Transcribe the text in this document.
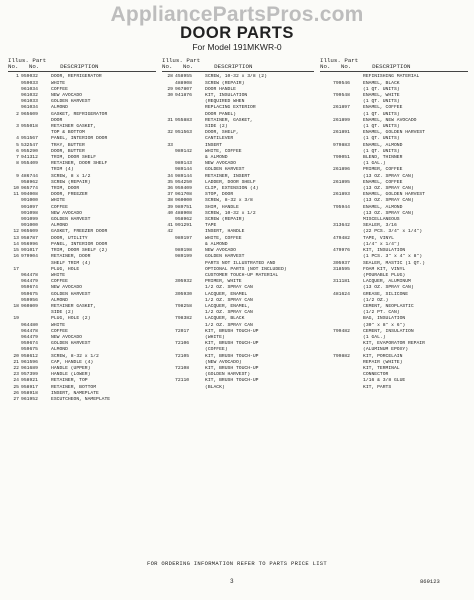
AppliancePartsPros.com
DOOR PARTS
For Model 191MKWR-0
Illus. Part
No.   No.      DESCRIPTION
1 959032	DOOR, REFRIGERATOR
959033	WHITE
961034	COFFEE
961032	NEW AVOCADO
961033	GOLDEN HARVEST
961034	ALMOND
2 965609	GASKET, REFRIGERATOR
DOOR
3 955018	RETAINER GASKET,
TOP & BOTTOM
4 951567	PANEL, INTERIOR DOOR
5 532547	TRAY, BUTTER
6 955290	DOOR, BUTTER
7 941312	TRIM, DOOR SHELF
8 955409	RETAINER, DOOR SHELF
TRIM (4)
9 486744	SCREW, 8 x 1/2
958962	SCREW (REPAIR)
10 965774	TRIM, DOOR
11 994008	DOOR, FREEZER
991000	WHITE
991097	COFFEE
991098	NEW AVOCADO
991099	GOLDEN HARVEST
991000	ALMOND
12 965609	GASKET, FREEZER DOOR
13 958787	DOOR, UTILITY
14 956996	PANEL, INTERIOR DOOR
15 991017	TRIM, DOOR SHELF (2)
16 979904	RETAINER, DOOR
SHELF TRIM (4)
17	PLUG, HOLE
964478	WHITE
964479	COFFEE
959674	NEW AVOCADO
959675	GOLDEN HARVEST
959956	ALMOND
18 960809	RETAINER GASKET,
SIDE (2)
19	PLUG, HOLE (2)
964480	WHITE
964478	COFFEE
964479	NEW AVOCADO
959674	GOLDEN HARVEST
959675	ALMOND
20 958612	SCREW, 8-32 x 1/2
21 961596	CAP, HANDLE (4)
22 961689	HANDLE (UPPER)
23 957399	HANDLE (LOWER)
24 958921	RETAINER, TOP
25 958917	RETAINER, BOTTOM
26 958918	INSERT, NAMEPLATE
27 961952	ESCUTCHEON, NAMEPLATE
Illus. Part
No.   No.      DESCRIPTION
28 458955	SCREW, 10-32 x 3/8 (2)
488908	SCREW (REPAIR)
29 967807	DOOR HANDLE
30 941876	KIT, INSULATION
(REQUIRED WHEN
REPLACING EXTERIOR
DOOR PANEL)
31 955883	RETAINER, GASKET,
SIDE (2)
32 951563	DOOR, SHELF,
CANTILEVER
33	INSERT
989142	WHITE, COFFEE
& ALMOND
989143	NEW AVOCADO
989144	GOLDEN HARVEST
34 989144	RETAINER, INSERT
35 954250	LADDER, DOOR SHELF
36 959409	CLIP, EXTENSION (4)
37 961708	STOP, DOOR
38 960000	SCREW, 8-32 x 3/8
39 989751	SHIM, HANDLE
40 488908	SCREW, 10-32 x 1/2
958962	SCREW (REPAIR)
41 991291	TAPE
42	INSERT, HANDLE
989197	WHITE, COFFEE
& ALMOND
989198	NEW AVOCADO
989199	GOLDEN HARVEST
PARTS NOT ILLUSTRATED AND
OPTIONAL PARTS (NOT INCLUDED)
CUSTOMER TOUCH-UP MATERIAL
305932	PRIMER, WHITE
1/2 OZ. SPRAY CAN
305930	LACQUER, ENAMEL
1/2 OZ. SPRAY CAN
798258	LACQUER, ENAMEL,
1/2 OZ. SPRAY CAN
798382	LACQUER, BLACK
1/2 OZ. SPRAY CAN
72017	KIT, BRUSH TOUCH-UP
(WHITE)
72106	KIT, BRUSH TOUCH-UP
(COFFEE)
72105	KIT, BRUSH TOUCH-UP
(NEW AVOCADO)
72108	KIT, BRUSH TOUCH-UP
(GOLDEN HARVEST)
72110	KIT, BRUSH TOUCH-UP
(BLACK)
Illus. Part
No.   No.      DESCRIPTION
REFINISHING MATERIAL
799546	ENAMEL, BLACK
(1 QT. UNITS)
799548	ENAMEL, WHITE
(1 QT. UNITS)
261897	ENAMEL, COFFEE
(1 QT. UNITS)
261899	ENAMEL, NEW AVOCADO
(1 QT. UNITS)
261891	ENAMEL, GOLDEN HARVEST
(1 QT. UNITS)
979883	ENAMEL, ALMOND
(1 QT. UNITS)
799051	BLEND, THINNER
(1 GAL.)
261896	PRIMER, COFFEE
(13 OZ. SPRAY CAN)
261895	ENAMEL, COFFEE
(13 OZ. SPRAY CAN)
261893	ENAMEL, GOLDEN HARVEST
(13 OZ. SPRAY CAN)
795944	ENAMEL, ALMOND
(13 OZ. SPRAY CAN)
MISCELLANEOUS
313642	SEALER, 3/16
(22 PCS. 3/4" x 1/4")
479482	TAPE, VINYL
(1/4" x 1/4")
479976	KIT, INSULATION
(1 PCS. 3" x 4" x 8")
305937	SEALER, MASTIC (1 QT.)
318595	FOAM KIT, VINYL
(POURABLE PLUG)
311181	LACQUER, ALUMINUM
(13 OZ. SPRAY CAN)
481624	GREASE, SILICONE
(1/2 OZ.)
CEMENT, NEOPLASTIC
(1/2 PT. CAN)
BAG, INSULATION
(30" x 8" x 6")
799482	CEMENT, INSULATION
(1 GAL.)
KIT, EVAPORATOR REPAIR
(ALUMINUM EPOXY)
799882	KIT, PORCELAIN
REPAIR (WHITE)
KIT, TERMINAL
CONNECTOR
1/16 & 3/8 GLUE
KIT, PARTS
FOR ORDERING INFORMATION REFER TO PARTS PRICE LIST
3	869123
